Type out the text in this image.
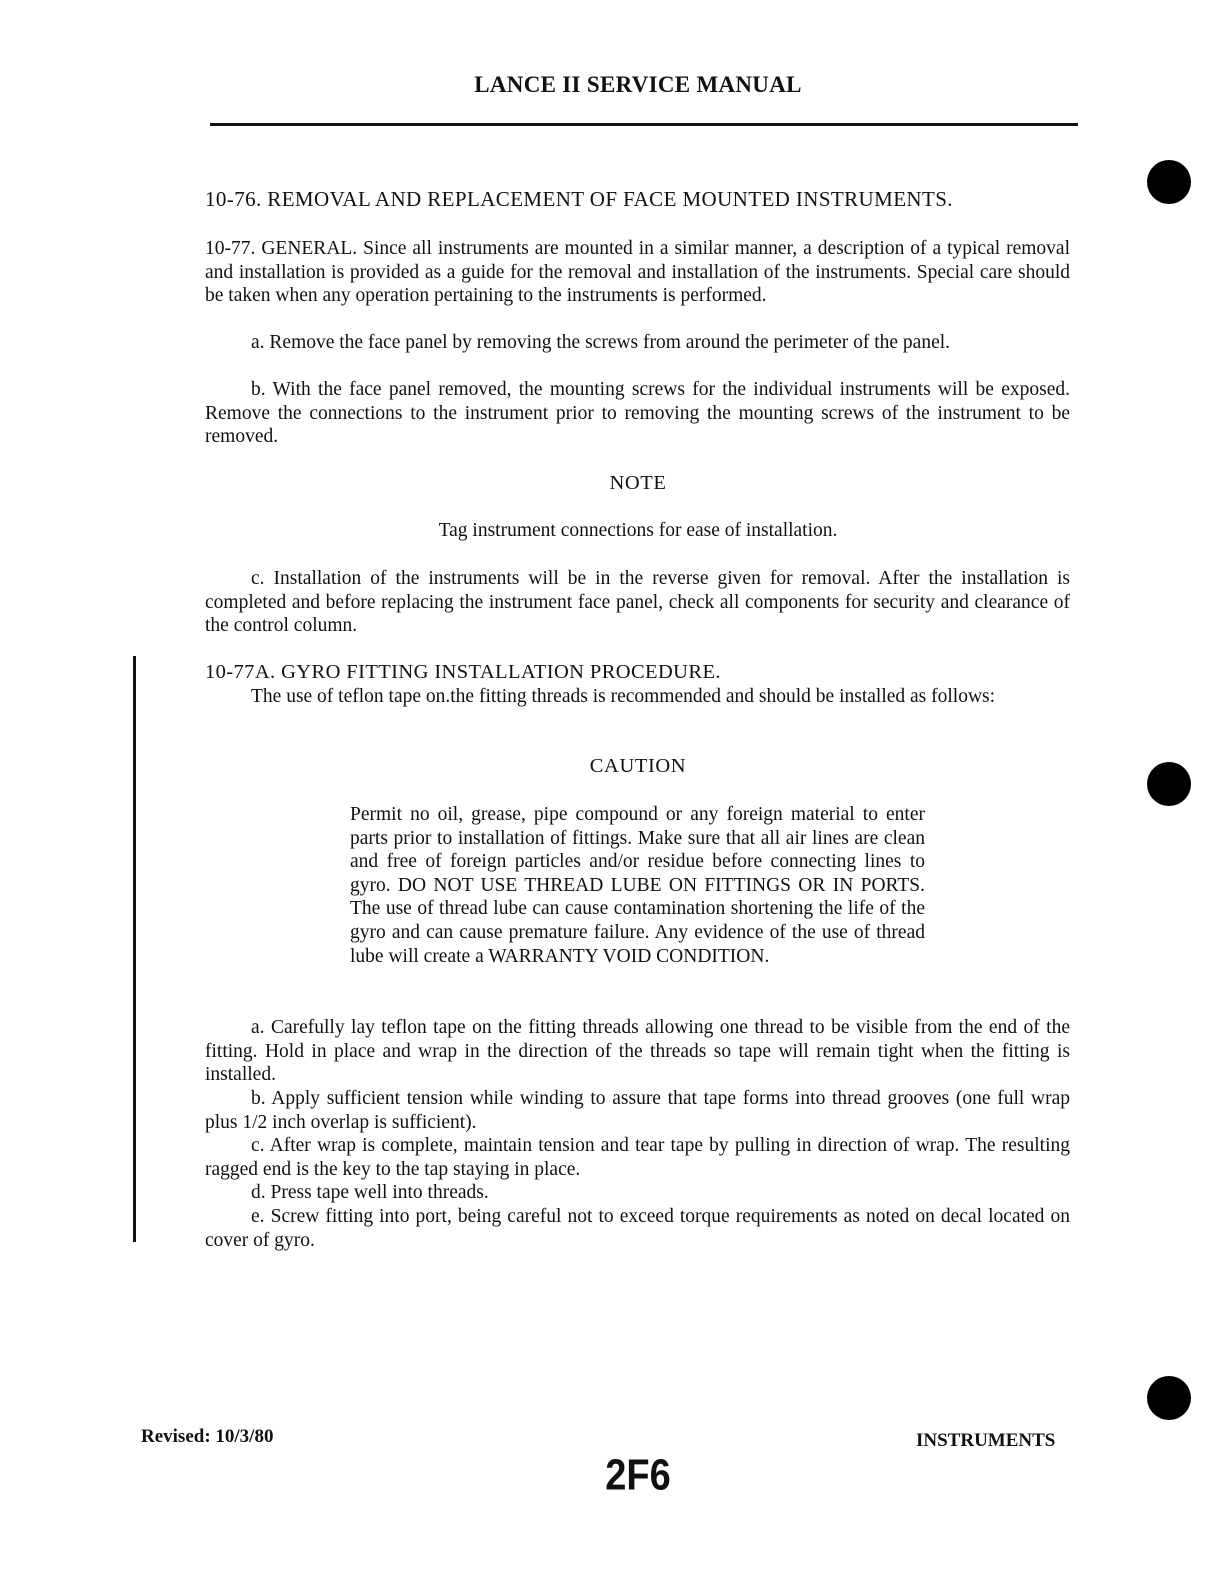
LANCE II SERVICE MANUAL
10-76. REMOVAL AND REPLACEMENT OF FACE MOUNTED INSTRUMENTS.
10-77. GENERAL. Since all instruments are mounted in a similar manner, a description of a typical removal and installation is provided as a guide for the removal and installation of the instruments. Special care should be taken when any operation pertaining to the instruments is performed.
a. Remove the face panel by removing the screws from around the perimeter of the panel.
b. With the face panel removed, the mounting screws for the individual instruments will be exposed. Remove the connections to the instrument prior to removing the mounting screws of the instrument to be removed.
NOTE
Tag instrument connections for ease of installation.
c. Installation of the instruments will be in the reverse given for removal. After the installation is completed and before replacing the instrument face panel, check all components for security and clearance of the control column.
10-77A. GYRO FITTING INSTALLATION PROCEDURE.
The use of teflon tape on.the fitting threads is recommended and should be installed as follows:
CAUTION
Permit no oil, grease, pipe compound or any foreign material to enter parts prior to installation of fittings. Make sure that all air lines are clean and free of foreign particles and/or residue before connecting lines to gyro. DO NOT USE THREAD LUBE ON FITTINGS OR IN PORTS. The use of thread lube can cause contamination shortening the life of the gyro and can cause premature failure. Any evidence of the use of thread lube will create a WARRANTY VOID CONDITION.
a. Carefully lay teflon tape on the fitting threads allowing one thread to be visible from the end of the fitting. Hold in place and wrap in the direction of the threads so tape will remain tight when the fitting is installed.
b. Apply sufficient tension while winding to assure that tape forms into thread grooves (one full wrap plus 1/2 inch overlap is sufficient).
c. After wrap is complete, maintain tension and tear tape by pulling in direction of wrap. The resulting ragged end is the key to the tap staying in place.
d. Press tape well into threads.
e. Screw fitting into port, being careful not to exceed torque requirements as noted on decal located on cover of gyro.
Revised: 10/3/80	INSTRUMENTS
2F6
